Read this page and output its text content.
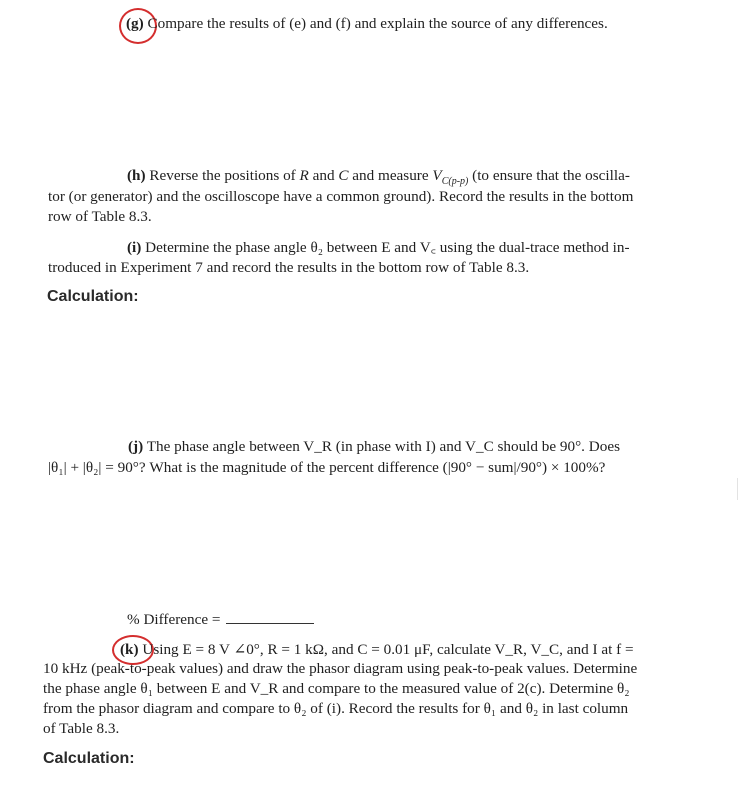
(g) Compare the results of (e) and (f) and explain the source of any differences.
(h) Reverse the positions of R and C and measure $V_{C(p-p)}$ (to ensure that the oscilla-
tor (or generator) and the oscilloscope have a common ground). Record the results in the bottom
row of Table 8.3.
(i) Determine the phase angle θ₂ between E and V꜀ using the dual-trace method in-
troduced in Experiment 7 and record the results in the bottom row of Table 8.3.
Calculation:
(j) The phase angle between V_R (in phase with I) and V_C should be 90°. Does
|θ₁| + |θ₂| = 90°? What is the magnitude of the percent difference (|90° − sum|/90°) × 100%?
% Difference =
(k) Using E = 8 V ∠0°, R = 1 kΩ, and C = 0.01 μF, calculate V_R, V_C, and I at f =
10 kHz (peak-to-peak values) and draw the phasor diagram using peak-to-peak values. Determine
the phase angle θ₁ between E and V_R and compare to the measured value of 2(c). Determine θ₂
from the phasor diagram and compare to θ₂ of (i). Record the results for θ₁ and θ₂ in last column
of Table 8.3.
Calculation:
